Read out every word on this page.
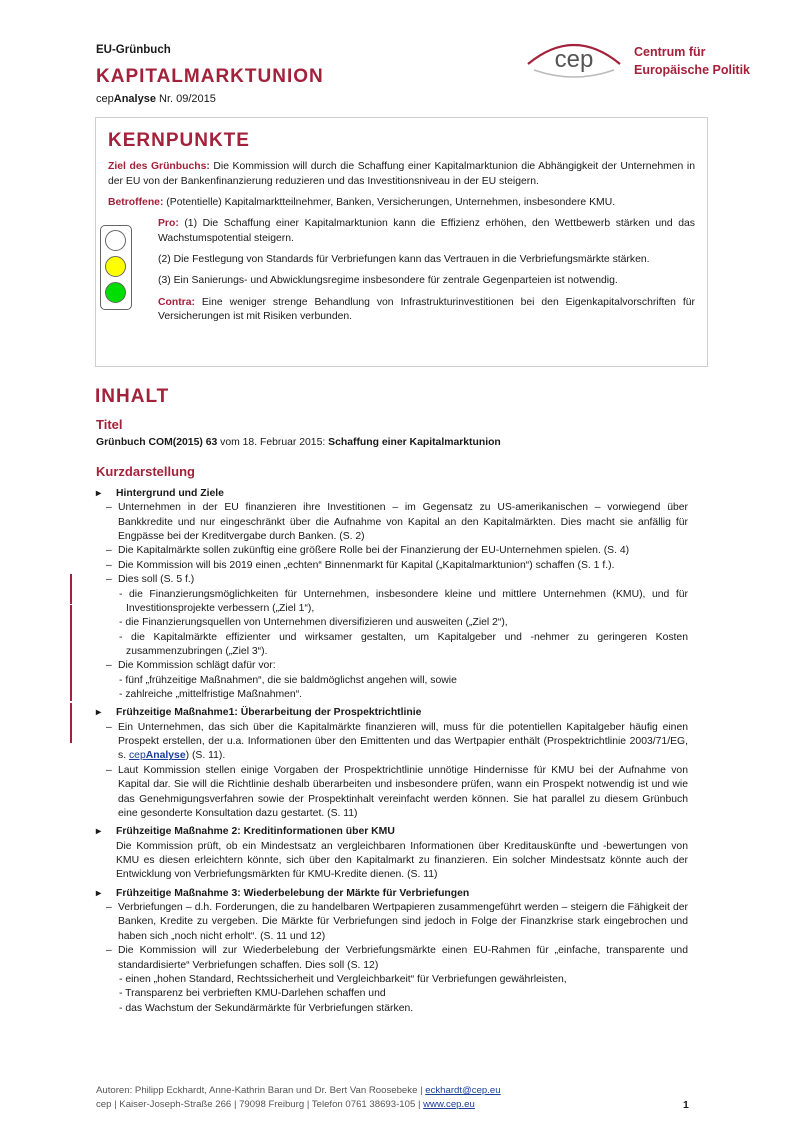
EU-Grünbuch
KAPITALMARKTUNION
cepAnalyse Nr. 09/2015
cep	Centrum für
Europäische Politik
KERNPUNKTE

Ziel des Grünbuchs: Die Kommission will durch die Schaffung einer Kapitalmarktunion die Abhängigkeit der Unternehmen in der EU von der Bankenfinanzierung reduzieren und das Investitionsniveau in der EU steigern.

Betroffene: (Potentielle) Kapitalmarktteilnehmer, Banken, Versicherungen, Unternehmen, insbesondere KMU.

Pro: (1) Die Schaffung einer Kapitalmarktunion kann die Effizienz erhöhen, den Wettbewerb stärken und das Wachstumspotential steigern.

(2) Die Festlegung von Standards für Verbriefungen kann das Vertrauen in die Verbriefungsmärkte stärken.

(3) Ein Sanierungs- und Abwicklungsregime insbesondere für zentrale Gegenparteien ist notwendig.

Contra: Eine weniger strenge Behandlung von Infrastrukturinvestitionen bei den Eigenkapitalvorschriften für Versicherungen ist mit Risiken verbunden.

INHALT
Titel
Grünbuch COM(2015) 63 vom 18. Februar 2015: Schaffung einer Kapitalmarktunion
Kurzdarstellung
▸ Hintergrund und Ziele
– Unternehmen in der EU finanzieren ihre Investitionen – im Gegensatz zu US-amerikanischen – vorwiegend über Bankkredite und nur eingeschränkt über die Aufnahme von Kapital an den Kapitalmärkten. Dies macht sie anfällig für Engpässe bei der Kreditvergabe durch Banken. (S. 2)
– Die Kapitalmärkte sollen zukünftig eine größere Rolle bei der Finanzierung der EU-Unternehmen spielen. (S. 4)
– Die Kommission will bis 2019 einen „echten“ Binnenmarkt für Kapital („Kapitalmarktunion“) schaffen (S. 1 f.).
– Dies soll (S. 5 f.)
- die Finanzierungsmöglichkeiten für Unternehmen, insbesondere kleine und mittlere Unternehmen (KMU), und für Investitionsprojekte verbessern („Ziel 1“),
- die Finanzierungsquellen von Unternehmen diversifizieren und ausweiten („Ziel 2“),
- die Kapitalmärkte effizienter und wirksamer gestalten, um Kapitalgeber und -nehmer zu geringeren Kosten zusammenzubringen („Ziel 3“).
– Die Kommission schlägt dafür vor:
- fünf „frühzeitige Maßnahmen“, die sie baldmöglichst angehen will, sowie
- zahlreiche „mittelfristige Maßnahmen“.
▸ Frühzeitige Maßnahme1: Überarbeitung der Prospektrichtlinie
– Ein Unternehmen, das sich über die Kapitalmärkte finanzieren will, muss für die potentiellen Kapitalgeber häufig einen Prospekt erstellen, der u.a. Informationen über den Emittenten und das Wertpapier enthält (Prospektrichtlinie 2003/71/EG, s. cepAnalyse) (S. 11).
– Laut Kommission stellen einige Vorgaben der Prospektrichtlinie unnötige Hindernisse für KMU bei der Aufnahme von Kapital dar. Sie will die Richtlinie deshalb überarbeiten und insbesondere prüfen, wann ein Prospekt notwendig ist und wie das Genehmigungsverfahren sowie der Prospektinhalt vereinfacht werden können. Sie hat parallel zu diesem Grünbuch eine gesonderte Konsultation dazu gestartet. (S. 11)
▸ Frühzeitige Maßnahme 2: Kreditinformationen über KMU
Die Kommission prüft, ob ein Mindestsatz an vergleichbaren Informationen über Kreditauskünfte und -bewertungen von KMU es diesen erleichtern könnte, sich über den Kapitalmarkt zu finanzieren. Ein solcher Mindestsatz könnte auch der Entwicklung von Verbriefungsmärkten für KMU-Kredite dienen. (S. 11)
▸ Frühzeitige Maßnahme 3: Wiederbelebung der Märkte für Verbriefungen
– Verbriefungen – d.h. Forderungen, die zu handelbaren Wertpapieren zusammengeführt werden – steigern die Fähigkeit der Banken, Kredite zu vergeben. Die Märkte für Verbriefungen sind jedoch in Folge der Finanzkrise stark eingebrochen und haben sich „noch nicht erholt“. (S. 11 und 12)
– Die Kommission will zur Wiederbelebung der Verbriefungsmärkte einen EU-Rahmen für „einfache, transparente und standardisierte“ Verbriefungen schaffen. Dies soll (S. 12)
- einen „hohen Standard, Rechtssicherheit und Vergleichbarkeit“ für Verbriefungen gewährleisten,
- Transparenz bei verbrieften KMU-Darlehen schaffen und
- das Wachstum der Sekundärmärkte für Verbriefungen stärken.
Autoren: Philipp Eckhardt, Anne-Kathrin Baran und Dr. Bert Van Roosebeke | eckhardt@cep.eu
cep | Kaiser-Joseph-Straße 266 | 79098 Freiburg | Telefon 0761 38693-105 | www.cep.eu	1
